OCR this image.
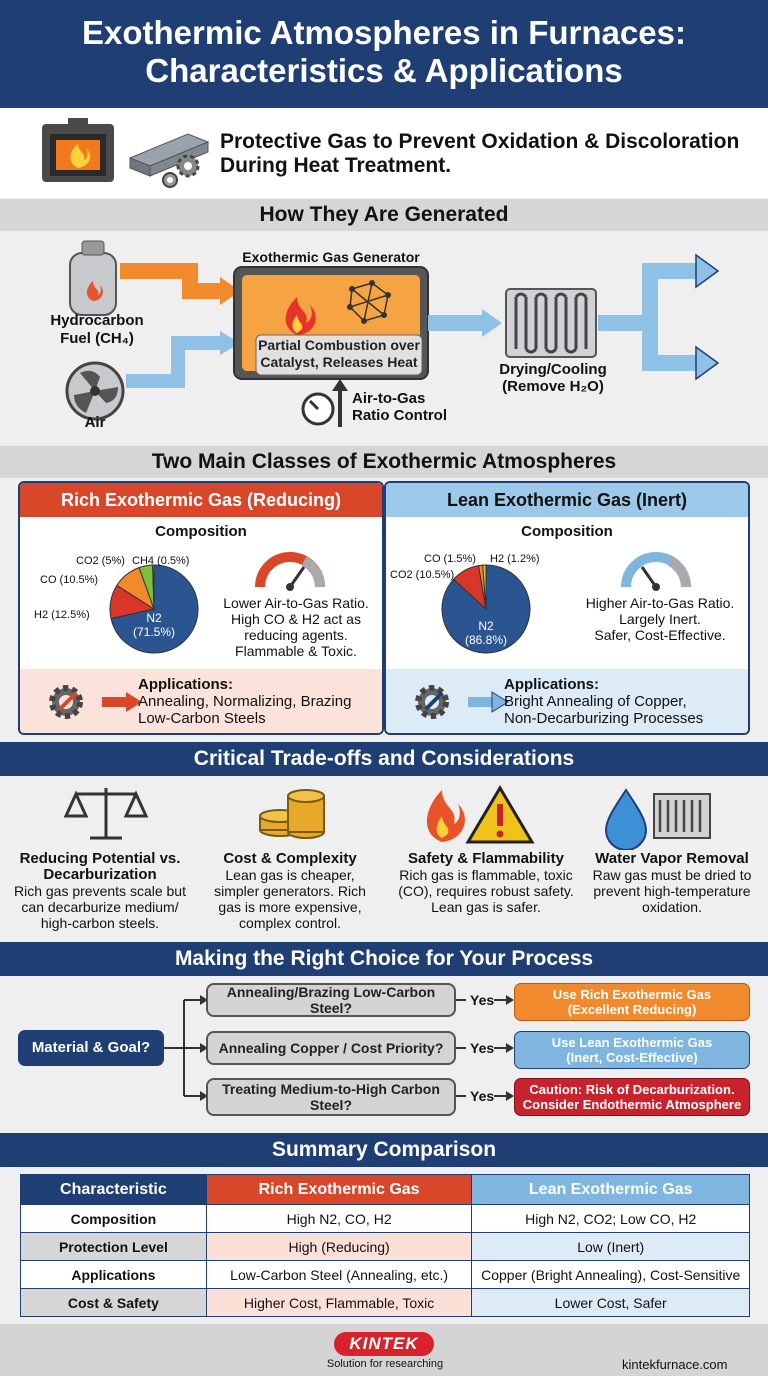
Exothermic Atmospheres in Furnaces:
Characteristics & Applications
Protective Gas to Prevent Oxidation & Discoloration
During Heat Treatment.
How They Are Generated
Hydrocarbon
Fuel (CH₄)
Air
Exothermic Gas Generator
Partial Combustion over
Catalyst, Releases Heat
Air-to-Gas
Ratio Control
Drying/Cooling
(Remove H₂O)
Two Main Classes of Exothermic Atmospheres
Rich Exothermic Gas (Reducing)
Composition
H2 (12.5%)
CO (10.5%)
CO2 (5%) CH4 (0.5%)
N2
(71.5%)
Lower Air-to-Gas Ratio.
High CO & H2 act as
reducing agents.
Flammable & Toxic.
Applications:
Annealing, Normalizing, Brazing
Low-Carbon Steels
Lean Exothermic Gas (Inert)
Composition
CO2 (10.5%)
CO (1.5%) H2 (1.2%)
N2
(86.8%)
Higher Air-to-Gas Ratio.
Largely Inert.
Safer, Cost-Effective.
Applications:
Bright Annealing of Copper,
Non-Decarburizing Processes
Critical Trade-offs and Considerations
Reducing Potential vs.
Decarburization
Rich gas prevents scale but
can decarburize medium/
high-carbon steels.
Cost & Complexity
Lean gas is cheaper,
simpler generators. Rich
gas is more expensive,
complex control.
Safety & Flammability
Rich gas is flammable, toxic
(CO), requires robust safety.
Lean gas is safer.
Water Vapor Removal
Raw gas must be dried to
prevent high-temperature
oxidation.
Making the Right Choice for Your Process
Material & Goal?
Annealing/Brazing Low-Carbon Steel?
Annealing Copper / Cost Priority?
Treating Medium-to-High Carbon
Steel?
Yes
Yes
Yes
Use Rich Exothermic Gas
(Excellent Reducing)
Use Lean Exothermic Gas
(Inert, Cost-Effective)
Caution: Risk of Decarburization.
Consider Endothermic Atmosphere
Summary Comparison
Characteristic	Rich Exothermic Gas	Lean Exothermic Gas
Composition	High N2, CO, H2	High N2, CO2; Low CO, H2
Protection Level	High (Reducing)	Low (Inert)
Applications	Low-Carbon Steel (Annealing, etc.)	Copper (Bright Annealing), Cost-Sensitive
Cost & Safety	Higher Cost, Flammable, Toxic	Lower Cost, Safer
KINTEK
Solution for researching	kintekfurnace.com
